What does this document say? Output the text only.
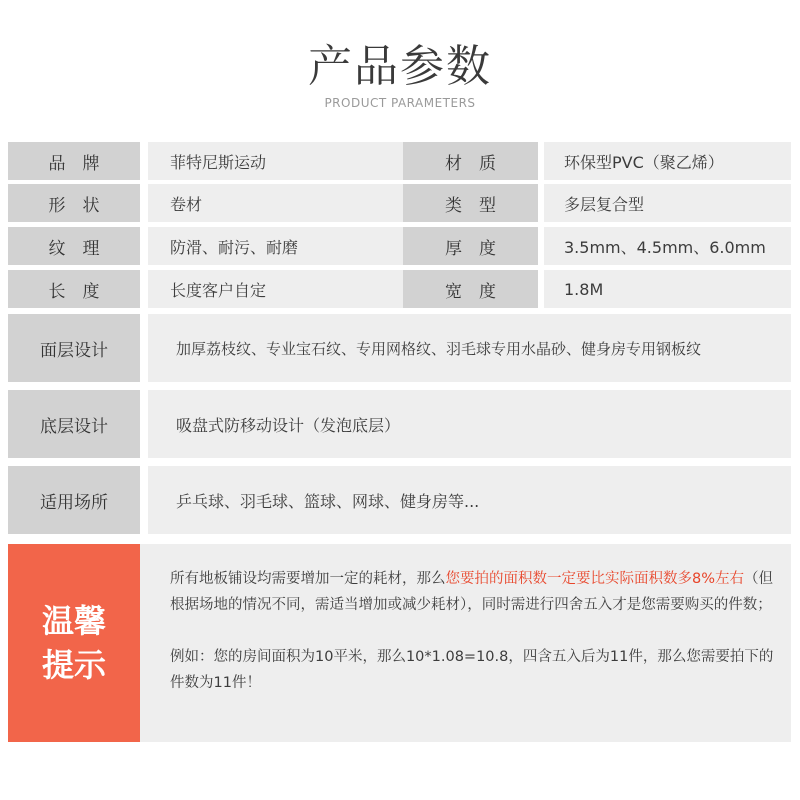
产品参数
PRODUCT PARAMETERS
品　牌	菲特尼斯运动	材　质	环保型PVC（聚乙烯）
形　状	卷材	类　型	多层复合型
纹　理	防滑、耐污、耐磨	厚　度	3.5mm、4.5mm、6.0mm
长　度	长度客户自定	宽　度	1.8M
面层设计	加厚荔枝纹、专业宝石纹、专用网格纹、羽毛球专用水晶砂、健身房专用钢板纹
底层设计	吸盘式防移动设计（发泡底层）
适用场所	乒乓球、羽毛球、篮球、网球、健身房等...
温馨
提示
所有地板铺设均需要增加一定的耗材，那么您要拍的面积数一定要比实际面积数多8%左右（但根据场地的情况不同，需适当增加或减少耗材），同时需进行四舍五入才是您需要购买的件数；
例如：您的房间面积为10平米，那么10*1.08=10.8，四含五入后为11件，那么您需要拍下的件数为11件！
